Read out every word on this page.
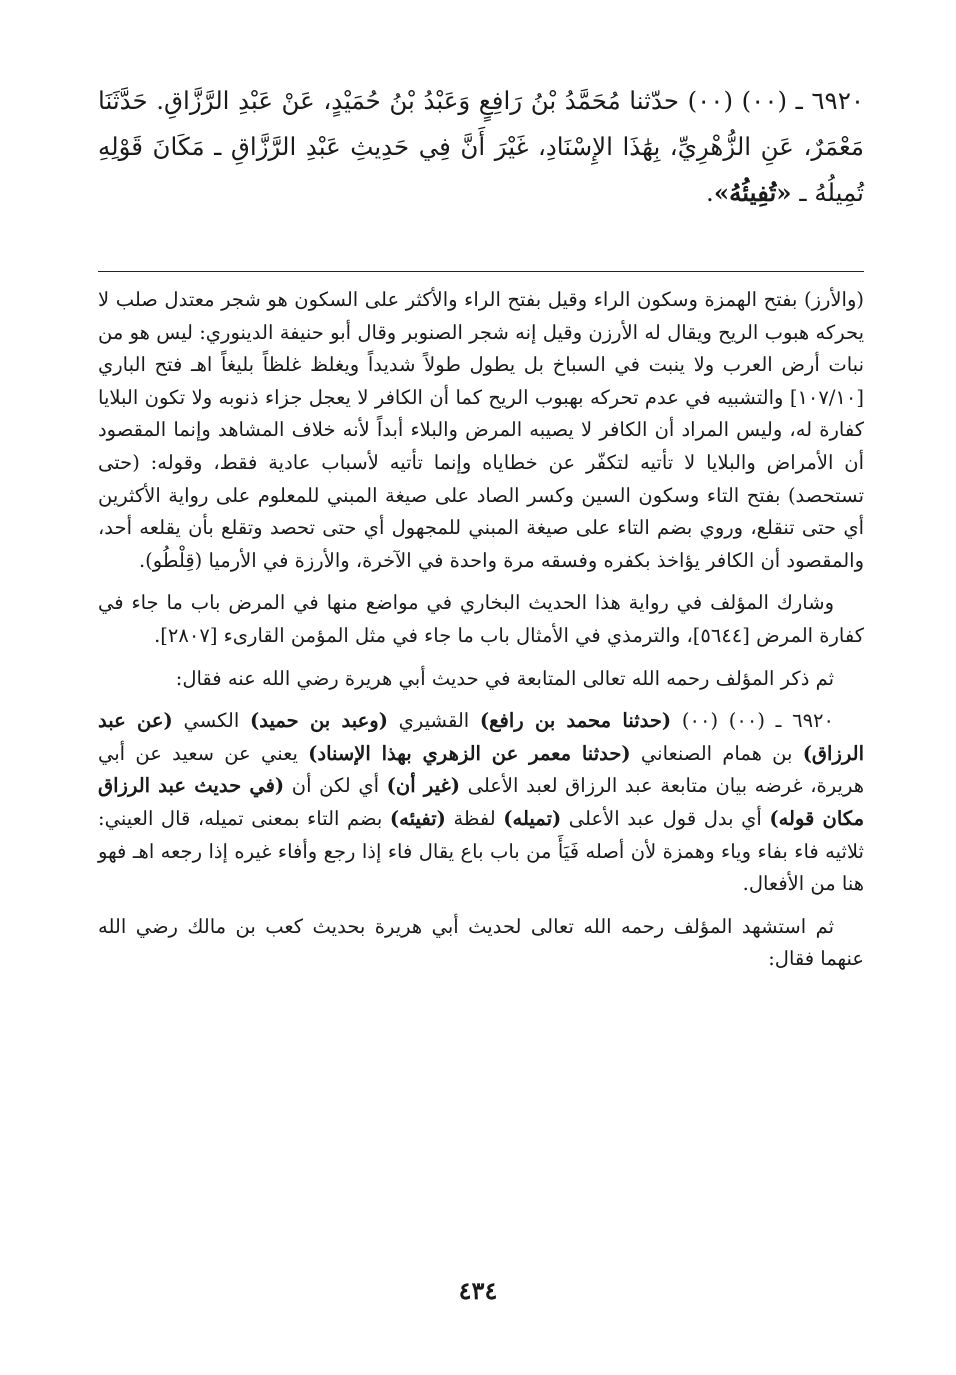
٦٩٢٠ ـ (٠٠) (٠٠) حدّثنا مُحَمَّدُ بْنُ رَافِعٍ وَعَبْدُ بْنُ حُمَيْدٍ، عَنْ عَبْدِ الرَّزَّاقِ. حَدَّثَنَا مَعْمَرٌ، عَنِ الزُّهْرِيِّ، بِهَٰذَا الإِسْنَادِ، غَيْرَ أَنَّ فِي حَدِيثِ عَبْدِ الرَّزَّاقِ ـ مَكَانَ قَوْلِهِ تُمِيلُهُ ـ «تُفِيئُهُ».

(والأرز) بفتح الهمزة وسكون الراء وقيل بفتح الراء والأكثر على السكون هو شجر معتدل صلب لا يحركه هبوب الريح ويقال له الأرزن وقيل إنه شجر الصنوبر وقال أبو حنيفة الدينوري: ليس هو من نبات أرض العرب ولا ينبت في السباخ بل يطول طولاً شديداً ويغلظ غلظاً بليغاً اهـ فتح الباري [١٠٧/١٠] والتشبيه في عدم تحركه بهبوب الريح كما أن الكافر لا يعجل جزاء ذنوبه ولا تكون البلايا كفارة له، وليس المراد أن الكافر لا يصيبه المرض والبلاء أبداً لأنه خلاف المشاهد وإنما المقصود أن الأمراض والبلايا لا تأتيه لتكفّر عن خطاياه وإنما تأتيه لأسباب عادية فقط، وقوله: (حتى تستحصد) بفتح التاء وسكون السين وكسر الصاد على صيغة المبني للمعلوم على رواية الأكثرين أي حتى تنقلع، وروي بضم التاء على صيغة المبني للمجهول أي حتى تحصد وتقلع بأن يقلعه أحد، والمقصود أن الكافر يؤاخذ بكفره وفسقه مرة واحدة في الآخرة، والأرزة في الأرميا (قِلْطُو).

وشارك المؤلف في رواية هذا الحديث البخاري في مواضع منها في المرض باب ما جاء في كفارة المرض [٥٦٤٤]، والترمذي في الأمثال باب ما جاء في مثل المؤمن القارىء [٢٨٠٧].

ثم ذكر المؤلف رحمه الله تعالى المتابعة في حديث أبي هريرة رضي الله عنه فقال:

٦٩٢٠ ـ (٠٠) (٠٠) (حدثنا محمد بن رافع) القشيري (وعبد بن حميد) الكسي (عن عبد الرزاق) بن همام الصنعاني (حدثنا معمر عن الزهري بهذا الإسناد) يعني عن سعيد عن أبي هريرة، غرضه بيان متابعة عبد الرزاق لعبد الأعلى (غير أن) أي لكن أن (في حديث عبد الرزاق مكان قوله) أي بدل قول عبد الأعلى (تميله) لفظة (تفيئه) بضم التاء بمعنى تميله، قال العيني: ثلاثيه فاء بفاء وياء وهمزة لأن أصله فَيَأَ من باب باع يقال فاء إذا رجع وأفاء غيره إذا رجعه اهـ فهو هنا من الأفعال.

ثم استشهد المؤلف رحمه الله تعالى لحديث أبي هريرة بحديث كعب بن مالك رضي الله عنهما فقال:

٤٣٤
